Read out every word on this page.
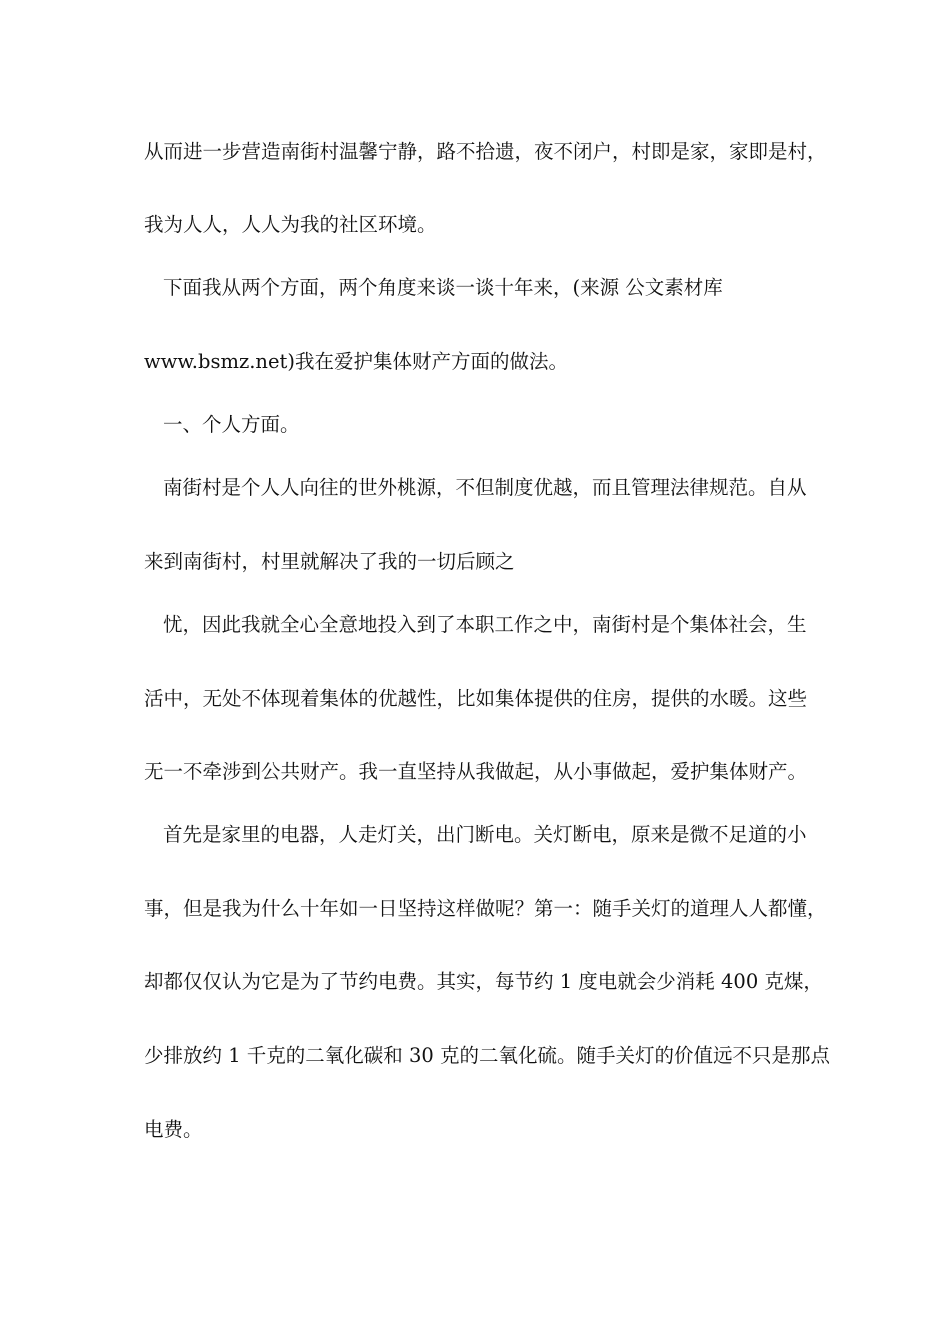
从而进一步营造南街村温馨宁静，路不拾遗，夜不闭户，村即是家，家即是村，

我为人人，人人为我的社区环境。

下面我从两个方面，两个角度来谈一谈十年来，(来源 公文素材库

www.bsmz.net)我在爱护集体财产方面的做法。

一、个人方面。

南街村是个人人向往的世外桃源，不但制度优越，而且管理法律规范。自从

来到南街村，村里就解决了我的一切后顾之

忧，因此我就全心全意地投入到了本职工作之中，南街村是个集体社会，生

活中，无处不体现着集体的优越性，比如集体提供的住房，提供的水暖。这些

无一不牵涉到公共财产。我一直坚持从我做起，从小事做起，爱护集体财产。

首先是家里的电器，人走灯关，出门断电。关灯断电，原来是微不足道的小

事，但是我为什么十年如一日坚持这样做呢？第一：随手关灯的道理人人都懂，

却都仅仅认为它是为了节约电费。其实，每节约 1 度电就会少消耗 400 克煤，

少排放约 1 千克的二氧化碳和 30 克的二氧化硫。随手关灯的价值远不只是那点

电费。
